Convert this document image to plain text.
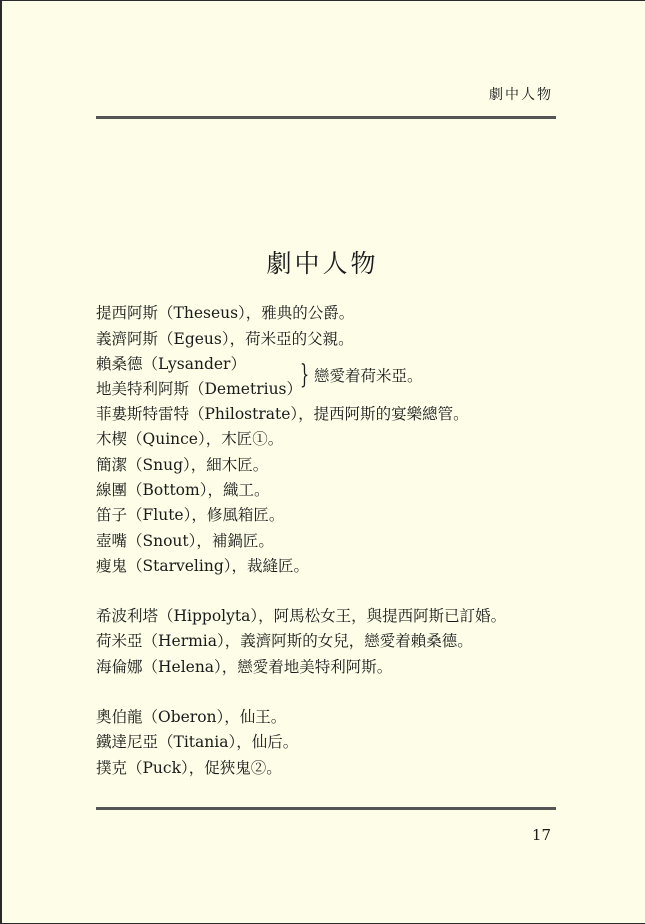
劇中人物
劇中人物
提西阿斯（Theseus），雅典的公爵。
義濟阿斯（Egeus），荷米亞的父親。
賴桑德（Lysander）
地美特利阿斯（Demetrius）
菲婁斯特雷特（Philostrate），提西阿斯的宴樂總管。
木楔（Quince），木匠①。
簡潔（Snug），細木匠。
線團（Bottom），織工。
笛子（Flute），修風箱匠。
壺嘴（Snout），補鍋匠。
瘦鬼（Starveling），裁縫匠。
希波利塔（Hippolyta），阿馬松女王，與提西阿斯已訂婚。
荷米亞（Hermia），義濟阿斯的女兒，戀愛着賴桑德。
海倫娜（Helena），戀愛着地美特利阿斯。
奧伯龍（Oberon），仙王。
鐵達尼亞（Titania），仙后。
撲克（Puck），促狹鬼②。
} 戀愛着荷米亞。
17
